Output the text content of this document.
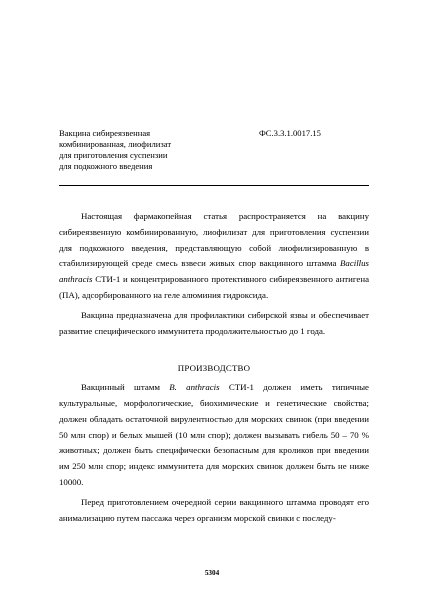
Вакцина сибиреязвенная
комбинированная, лиофилизат
для приготовления суспензии
для подкожного введения
ФС.3.3.1.0017.15

Настоящая фармакопейная статья распространяется на вакцину сибиреязвенную комбинированную, лиофилизат для приготовления суспензии для подкожного введения, представляющую собой лиофилизированную в стабилизирующей среде смесь взвеси живых спор вакцинного штамма Bacillus anthracis СТИ-1 и концентрированного протективного сибиреязвенного антигена (ПА), адсорбированного на геле алюминия гидроксида.

Вакцина предназначена для профилактики сибирской язвы и обеспечивает развитие специфического иммунитета продолжительностью до 1 года.

ПРОИЗВОДСТВО

Вакцинный штамм B. anthracis СТИ-1 должен иметь типичные культуральные, морфологические, биохимические и генетические свойства; должен обладать остаточной вирулентностью для морских свинок (при введении 50 млн спор) и белых мышей (10 млн спор); должен вызывать гибель 50 – 70 % животных; должен быть специфически безопасным для кроликов при введении им 250 млн спор; индекс иммунитета для морских свинок должен быть не ниже 10000.

Перед приготовлением очередной серии вакцинного штамма проводят его анимализацию путем пассажа через организм морской свинки с последу-

5304
